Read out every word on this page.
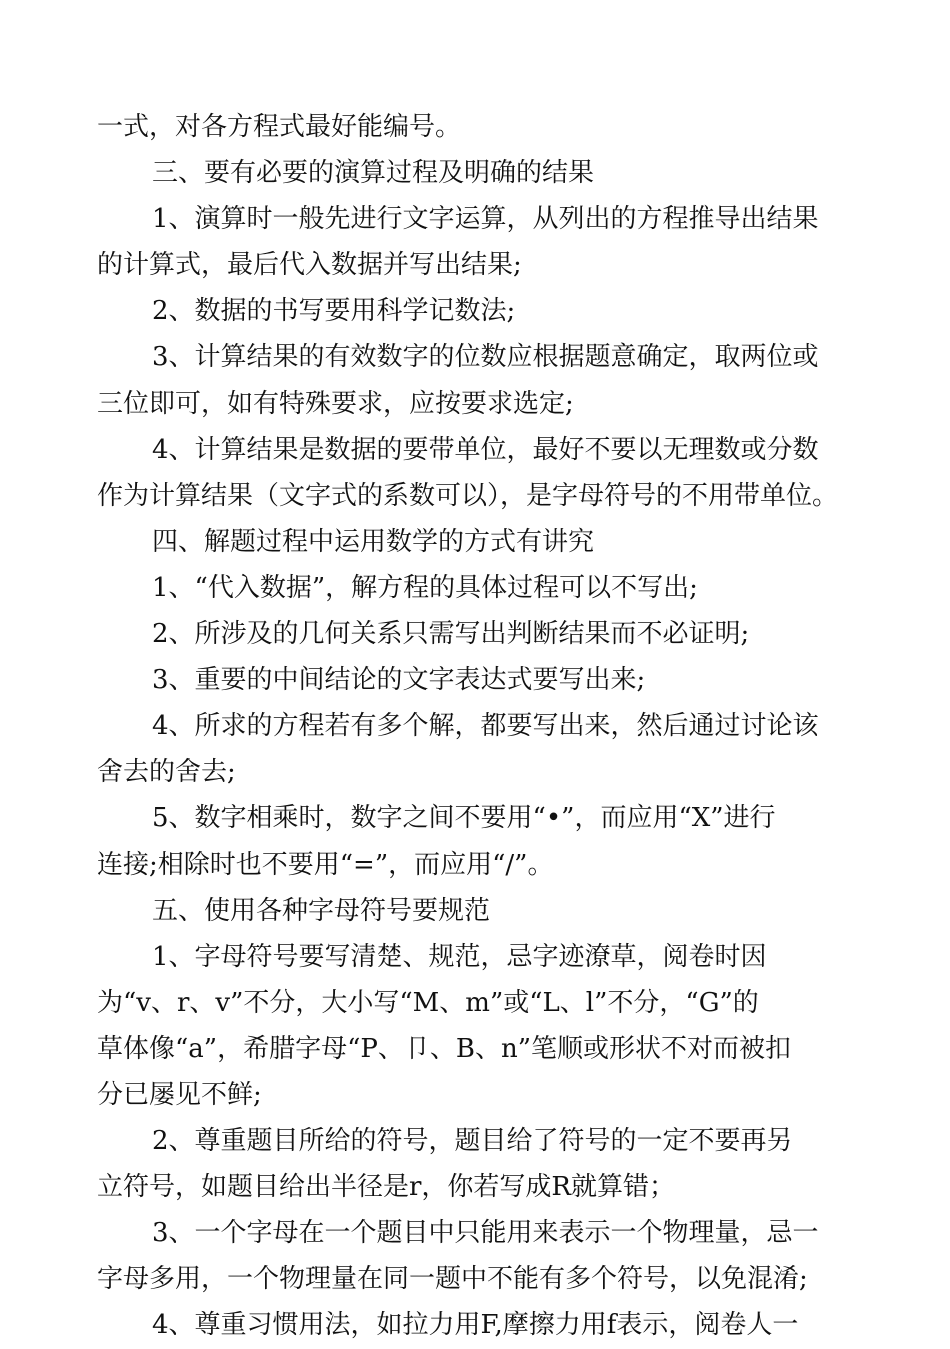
一式，对各方程式最好能编号。
三、要有必要的演算过程及明确的结果
1、演算时一般先进行文字运算，从列出的方程推导出结果
的计算式，最后代入数据并写出结果;
2、数据的书写要用科学记数法;
3、计算结果的有效数字的位数应根据题意确定，取两位或
三位即可，如有特殊要求，应按要求选定;
4、计算结果是数据的要带单位，最好不要以无理数或分数
作为计算结果（文字式的系数可以），是字母符号的不用带单位。
四、解题过程中运用数学的方式有讲究
1、“代入数据”，解方程的具体过程可以不写出;
2、所涉及的几何关系只需写出判断结果而不必证明;
3、重要的中间结论的文字表达式要写出来;
4、所求的方程若有多个解，都要写出来，然后通过讨论该
舍去的舍去;
5、数字相乘时，数字之间不要用“•”，而应用“X”进行
连接;相除时也不要用“=”，而应用“/”。
五、使用各种字母符号要规范
1、字母符号要写清楚、规范，忌字迹潦草，阅卷时因
为“v、r、v”不分，大小写“M、m”或“L、l”不分，“G”的
草体像“a”，希腊字母“P、卩、B、n”笔顺或形状不对而被扣
分已屡见不鲜;
2、尊重题目所给的符号，题目给了符号的一定不要再另
立符号，如题目给出半径是r，你若写成R就算错；
3、一个字母在一个题目中只能用来表示一个物理量，忌一
字母多用，一个物理量在同一题中不能有多个符号，以免混淆;
4、尊重习惯用法，如拉力用F,摩擦力用f表示，阅卷人一
